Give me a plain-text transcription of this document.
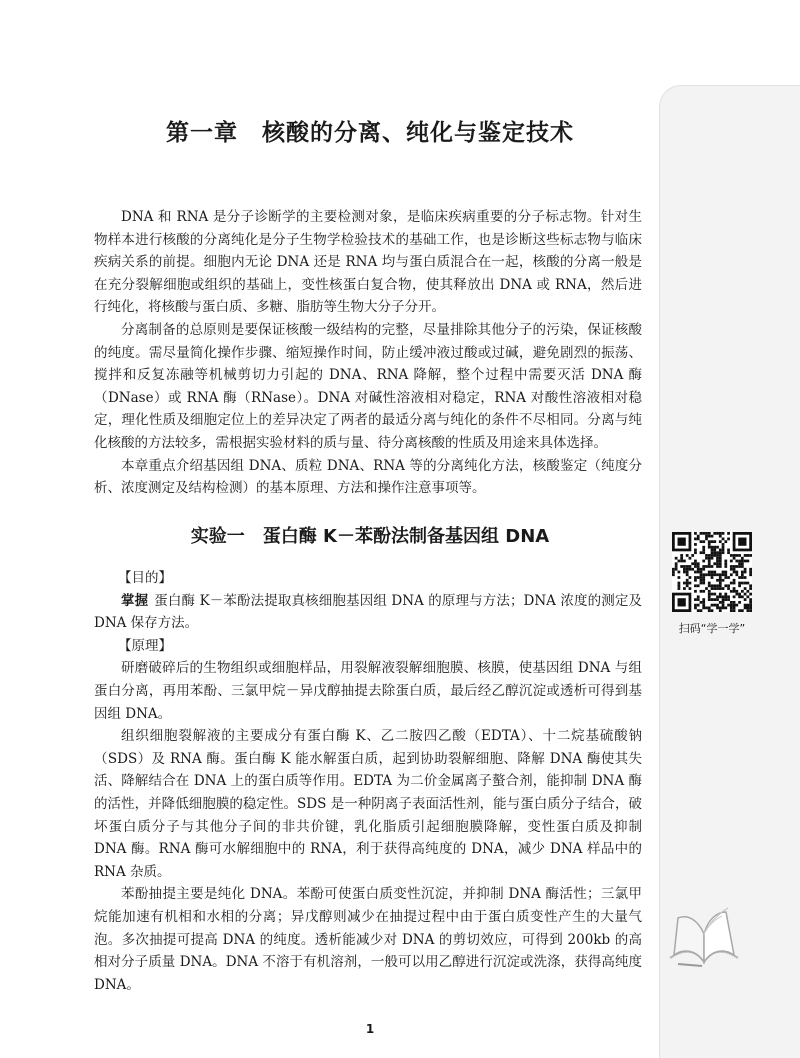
第一章　核酸的分离、纯化与鉴定技术

DNA 和 RNA 是分子诊断学的主要检测对象，是临床疾病重要的分子标志物。针对生物样本进行核酸的分离纯化是分子生物学检验技术的基础工作，也是诊断这些标志物与临床疾病关系的前提。细胞内无论 DNA 还是 RNA 均与蛋白质混合在一起，核酸的分离一般是在充分裂解细胞或组织的基础上，变性核蛋白复合物，使其释放出 DNA 或 RNA，然后进行纯化，将核酸与蛋白质、多糖、脂肪等生物大分子分开。

分离制备的总原则是要保证核酸一级结构的完整，尽量排除其他分子的污染，保证核酸的纯度。需尽量简化操作步骤、缩短操作时间，防止缓冲液过酸或过碱，避免剧烈的振荡、搅拌和反复冻融等机械剪切力引起的 DNA、RNA 降解，整个过程中需要灭活 DNA 酶（DNase）或 RNA 酶（RNase）。DNA 对碱性溶液相对稳定，RNA 对酸性溶液相对稳定，理化性质及细胞定位上的差异决定了两者的最适分离与纯化的条件不尽相同。分离与纯化核酸的方法较多，需根据实验材料的质与量、待分离核酸的性质及用途来具体选择。

本章重点介绍基因组 DNA、质粒 DNA、RNA 等的分离纯化方法，核酸鉴定（纯度分析、浓度测定及结构检测）的基本原理、方法和操作注意事项等。

实验一　蛋白酶 K－苯酚法制备基因组 DNA

【目的】

掌握 蛋白酶 K－苯酚法提取真核细胞基因组 DNA 的原理与方法；DNA 浓度的测定及 DNA 保存方法。

【原理】

研磨破碎后的生物组织或细胞样品，用裂解液裂解细胞膜、核膜，使基因组 DNA 与组蛋白分离，再用苯酚、三氯甲烷－异戊醇抽提去除蛋白质，最后经乙醇沉淀或透析可得到基因组 DNA。

组织细胞裂解液的主要成分有蛋白酶 K、乙二胺四乙酸（EDTA）、十二烷基硫酸钠（SDS）及 RNA 酶。蛋白酶 K 能水解蛋白质，起到协助裂解细胞、降解 DNA 酶使其失活、降解结合在 DNA 上的蛋白质等作用。EDTA 为二价金属离子螯合剂，能抑制 DNA 酶的活性，并降低细胞膜的稳定性。SDS 是一种阴离子表面活性剂，能与蛋白质分子结合，破坏蛋白质分子与其他分子间的非共价键，乳化脂质引起细胞膜降解，变性蛋白质及抑制 DNA 酶。RNA 酶可水解细胞中的 RNA，利于获得高纯度的 DNA，减少 DNA 样品中的 RNA 杂质。

苯酚抽提主要是纯化 DNA。苯酚可使蛋白质变性沉淀，并抑制 DNA 酶活性；三氯甲烷能加速有机相和水相的分离；异戊醇则减少在抽提过程中由于蛋白质变性产生的大量气泡。多次抽提可提高 DNA 的纯度。透析能减少对 DNA 的剪切效应，可得到 200kb 的高相对分子质量 DNA。DNA 不溶于有机溶剂，一般可以用乙醇进行沉淀或洗涤，获得高纯度 DNA。

扫码“学一学”
1
